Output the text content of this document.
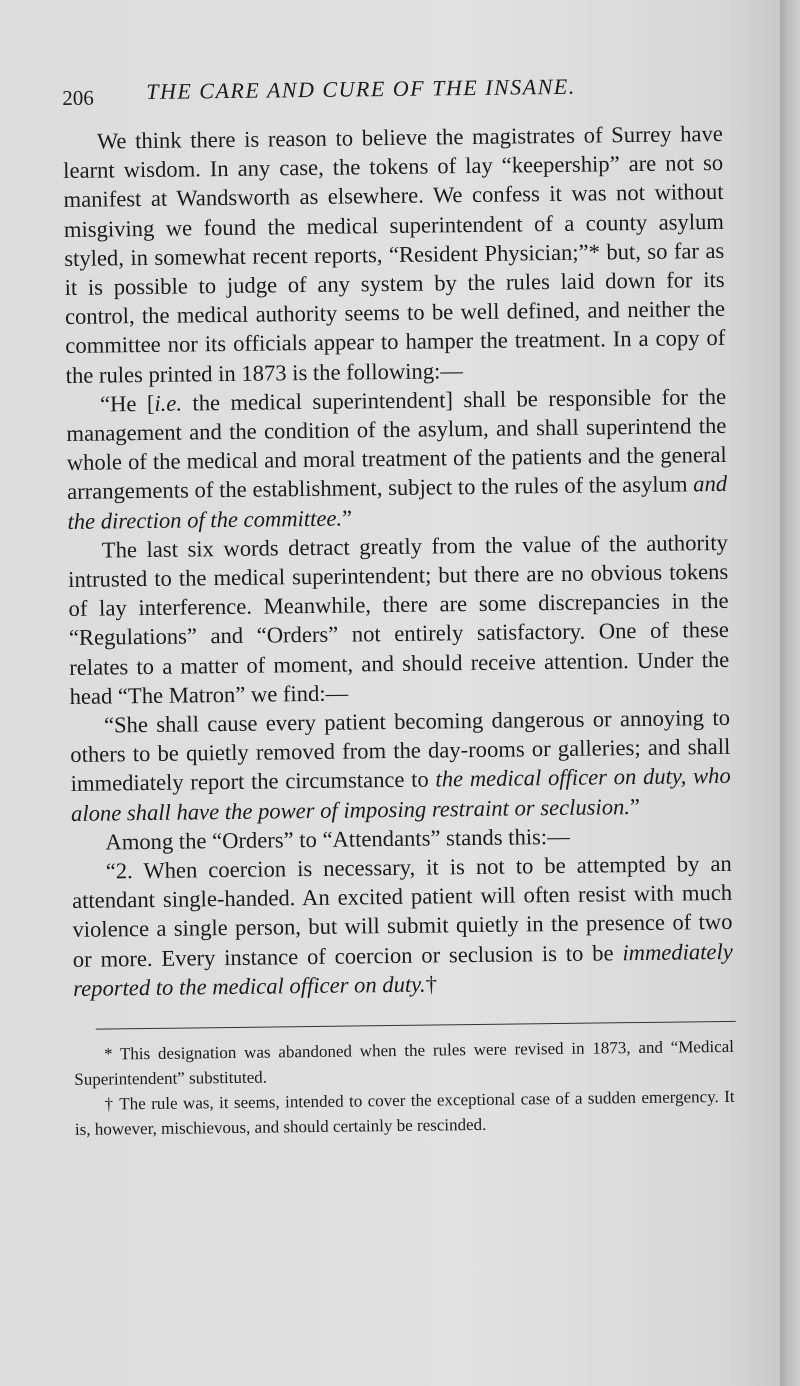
206 THE CARE AND CURE OF THE INSANE.

We think there is reason to believe the magistrates of Surrey have learnt wisdom. In any case, the tokens of lay “keepership” are not so manifest at Wandsworth as elsewhere. We confess it was not without misgiving we found the medical superintendent of a county asylum styled, in somewhat recent reports, “Resident Physician;”* but, so far as it is possible to judge of any system by the rules laid down for its control, the medical authority seems to be well defined, and neither the committee nor its officials appear to hamper the treatment. In a copy of the rules printed in 1873 is the following:—

“He [i.e. the medical superintendent] shall be responsible for the management and the condition of the asylum, and shall superintend the whole of the medical and moral treatment of the patients and the general arrangements of the establishment, subject to the rules of the asylum and the direction of the committee.”

The last six words detract greatly from the value of the authority intrusted to the medical superintendent; but there are no obvious tokens of lay interference. Meanwhile, there are some discrepancies in the “Regulations” and “Orders” not entirely satisfactory. One of these relates to a matter of moment, and should receive attention. Under the head “The Matron” we find:—

“She shall cause every patient becoming dangerous or annoying to others to be quietly removed from the day-rooms or galleries; and shall immediately report the circumstance to the medical officer on duty, who alone shall have the power of imposing restraint or seclusion.”

Among the “Orders” to “Attendants” stands this:—

“2. When coercion is necessary, it is not to be attempted by an attendant single-handed. An excited patient will often resist with much violence a single person, but will submit quietly in the presence of two or more. Every instance of coercion or seclusion is to be immediately reported to the medical officer on duty.†

* This designation was abandoned when the rules were revised in 1873, and “Medical Superintendent” substituted.

† The rule was, it seems, intended to cover the exceptional case of a sudden emergency. It is, however, mischievous, and should certainly be rescinded.
